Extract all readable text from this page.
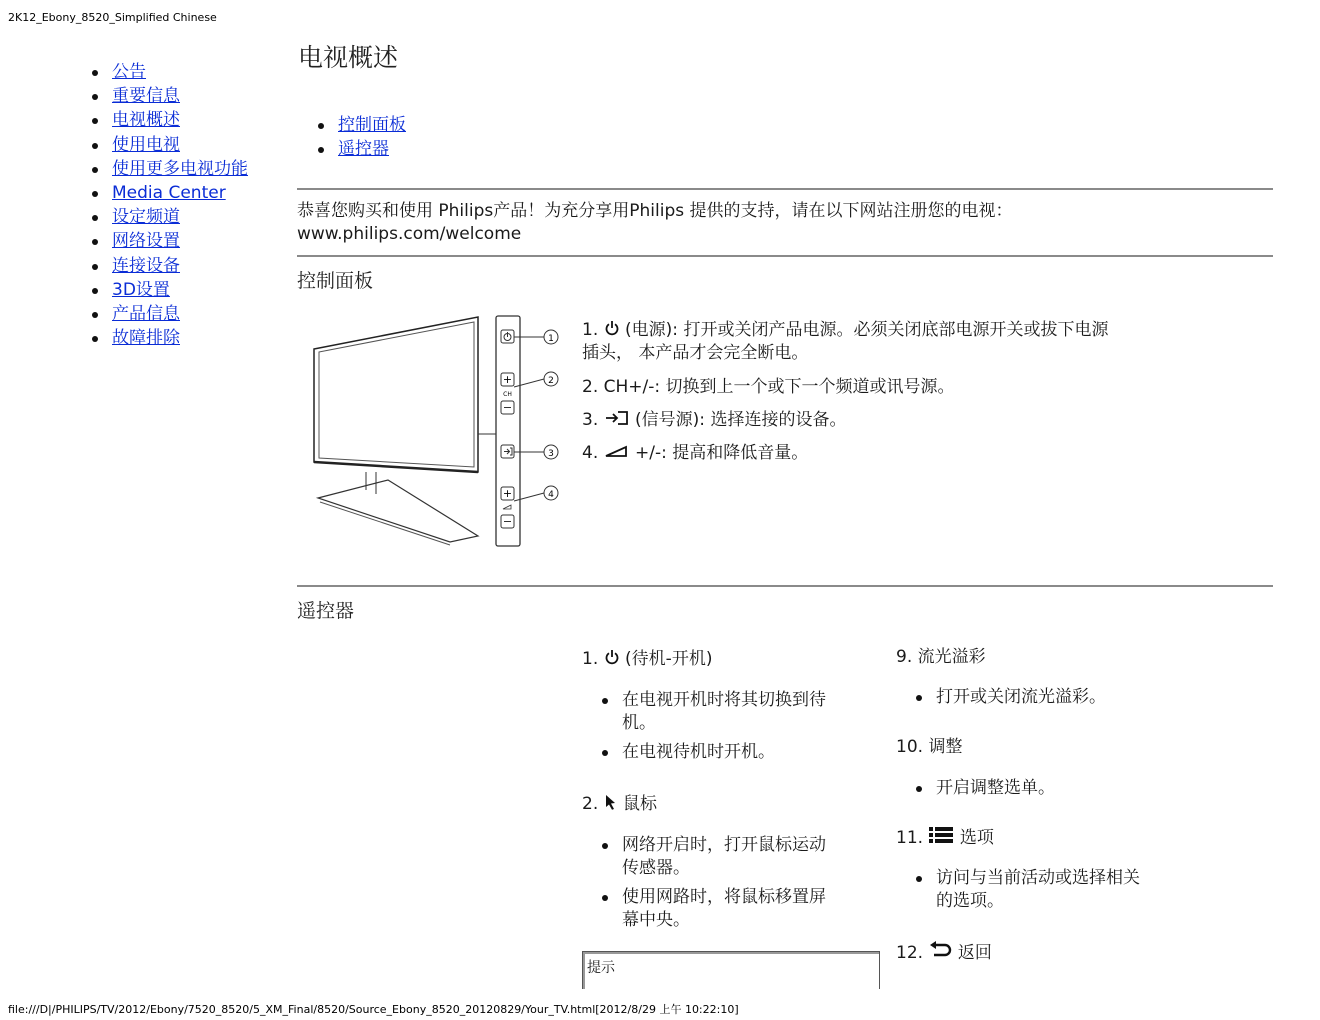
2K12_Ebony_8520_Simplified Chinese
公告
重要信息
电视概述
使用电视
使用更多电视功能
Media Center
设定频道
网络设置
连接设备
3D设置
产品信息
故障排除
电视概述
控制面板
遥控器
恭喜您购买和使用 Philips产品！为充分享用Philips 提供的支持，请在以下网站注册您的电视：
www.philips.com/welcome
控制面板
+
CH
+
1
2
3
4
1. (电源): 打开或关闭产品电源。必须关闭底部电源开关或拔下电源
插头， 本产品才会完全断电。
2. CH+/-: 切换到上一个或下一个频道或讯号源。
3. (信号源): 选择连接的设备。
4. +/-: 提高和降低音量。
遥控器
1. (待机-开机)
在电视开机时将其切换到待
机。
在电视待机时开机。
2. 鼠标
网络开启时，打开鼠标运动
传感器。
使用网路时，将鼠标移置屏
幕中央。
提示
9. 流光溢彩
打开或关闭流光溢彩。
10. 调整
开启调整选单。
11. 选项
访问与当前活动或选择相关
的选项。
12. 返回
file:///D|/PHILIPS/TV/2012/Ebony/7520_8520/5_XM_Final/8520/Source_Ebony_8520_20120829/Your_TV.html[2012/8/29 上午 10:22:10]
